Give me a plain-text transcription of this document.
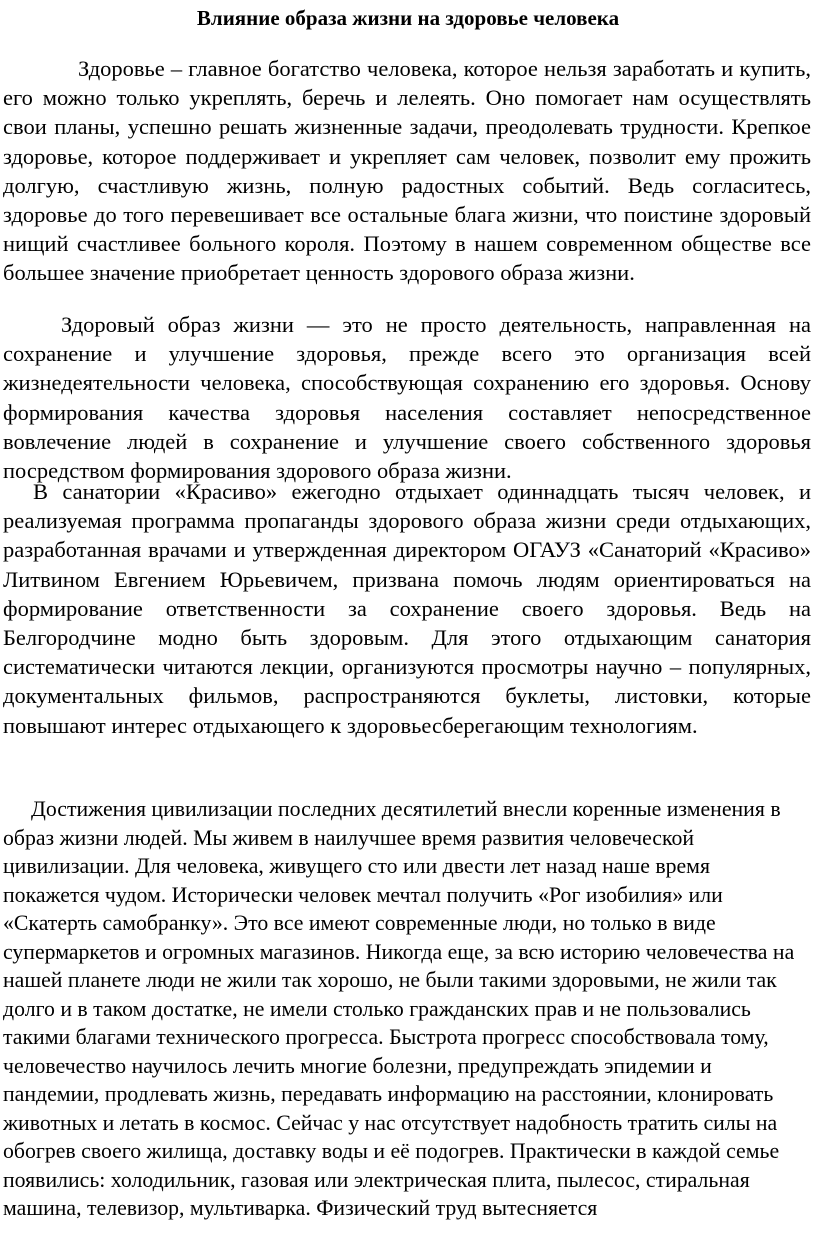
Влияние образа жизни на здоровье человека

Здоровье – главное богатство человека, которое нельзя заработать и купить, его можно только укреплять, беречь и лелеять. Оно помогает нам осуществлять свои планы, успешно решать жизненные задачи, преодолевать трудности. Крепкое здоровье, которое поддерживает и укрепляет сам человек, позволит ему прожить долгую, счастливую жизнь, полную радостных событий. Ведь согласитесь, здоровье до того перевешивает все остальные блага жизни, что поистине здоровый нищий счастливее больного короля. Поэтому в нашем современном обществе все большее значение приобретает ценность здорового образа жизни.

Здоровый образ жизни — это не просто деятельность, направленная на сохранение и улучшение здоровья, прежде всего это организация всей жизнедеятельности человека, способствующая сохранению его здоровья. Основу формирования качества здоровья населения составляет непосредственное вовлечение людей в сохранение и улучшение своего собственного здоровья посредством формирования здорового образа жизни.

В санатории «Красиво» ежегодно отдыхает одиннадцать тысяч человек, и реализуемая программа пропаганды здорового образа жизни среди отдыхающих, разработанная врачами и утвержденная директором ОГАУЗ «Санаторий «Красиво» Литвином Евгением Юрьевичем, призвана помочь людям ориентироваться на формирование ответственности за сохранение своего здоровья. Ведь на Белгородчине модно быть здоровым. Для этого отдыхающим санатория систематически читаются лекции, организуются просмотры научно – популярных, документальных фильмов, распространяются буклеты, листовки, которые повышают интерес отдыхающего к здоровьесберегающим технологиям.

Достижения цивилизации последних десятилетий внесли коренные изменения в образ жизни людей. Мы живем в наилучшее время развития человеческой цивилизации. Для человека, живущего сто или двести лет назад наше время покажется чудом. Исторически человек мечтал получить «Рог изобилия» или «Скатерть самобранку». Это все имеют современные люди, но только в виде супермаркетов и огромных магазинов. Никогда еще, за всю историю человечества на нашей планете люди не жили так хорошо, не были такими здоровыми, не жили так долго и в таком достатке, не имели столько гражданских прав и не пользовались такими благами технического прогресса. Быстрота прогресс способствовала тому, человечество научилось лечить многие болезни, предупреждать эпидемии и пандемии, продлевать жизнь, передавать информацию на расстоянии, клонировать животных и летать в космос. Сейчас у нас отсутствует надобность тратить силы на обогрев своего жилища, доставку воды и её подогрев. Практически в каждой семье появились: холодильник, газовая или электрическая плита, пылесос, стиральная машина, телевизор, мультиварка. Физический труд вытесняется
